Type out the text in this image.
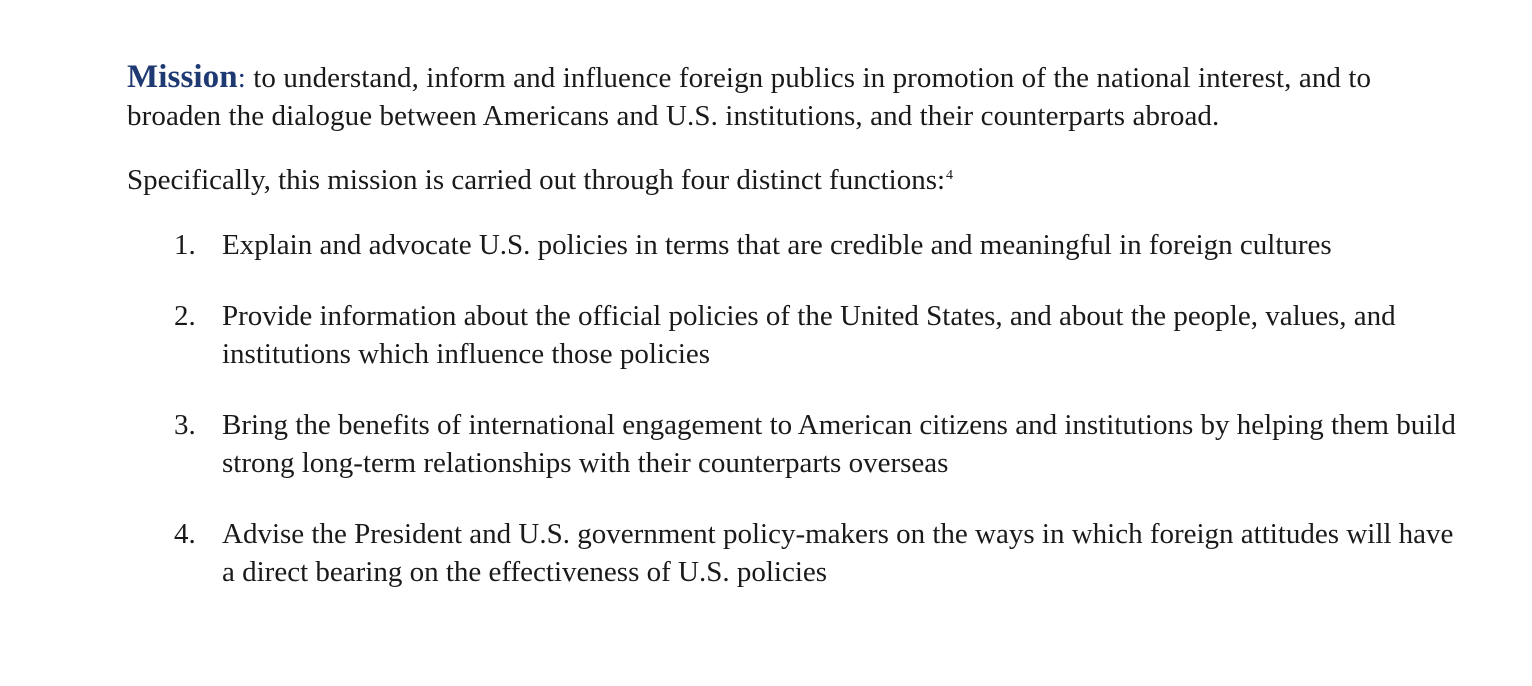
Mission: to understand, inform and influence foreign publics in promotion of the national interest, and to broaden the dialogue between Americans and U.S. institutions, and their counterparts abroad.

Specifically, this mission is carried out through four distinct functions:$^4$

1. Explain and advocate U.S. policies in terms that are credible and meaningful in foreign cultures
2. Provide information about the official policies of the United States, and about the people, values, and institutions which influence those policies
3. Bring the benefits of international engagement to American citizens and institutions by helping them build strong long-term relationships with their counterparts overseas
4. Advise the President and U.S. government policy-makers on the ways in which foreign attitudes will have a direct bearing on the effectiveness of U.S. policies
